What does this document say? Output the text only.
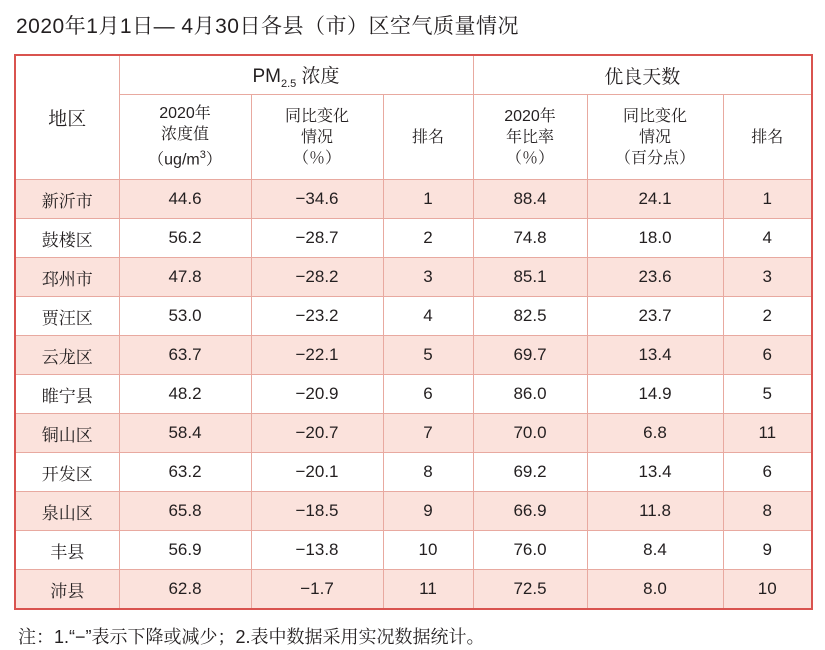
2020年1月1日— 4月30日各县（市）区空气质量情况
地区	$PM_{2.5}$ 浓度			优良天数		

2020年
浓度值
$(ug/m^3)$

同比变化
情况
（％）
	排名	
2020年
年比率
（％）

同比变化
情况
（百分点）
	排名
新沂市	44.6	−34.6	1	88.4	24.1	1
鼓楼区	56.2	−28.7	2	74.8	18.0	4
邳州市	47.8	−28.2	3	85.1	23.6	3
贾汪区	53.0	−23.2	4	82.5	23.7	2
云龙区	63.7	−22.1	5	69.7	13.4	6
睢宁县	48.2	−20.9	6	86.0	14.9	5
铜山区	58.4	−20.7	7	70.0	6.8	11
开发区	63.2	−20.1	8	69.2	13.4	6
泉山区	65.8	−18.5	9	66.9	11.8	8
丰县	56.9	−13.8	10	76.0	8.4	9
沛县	62.8	−1.7	11	72.5	8.0	10
注：1.“−”表示下降或减少；2.表中数据采用实况数据统计。
